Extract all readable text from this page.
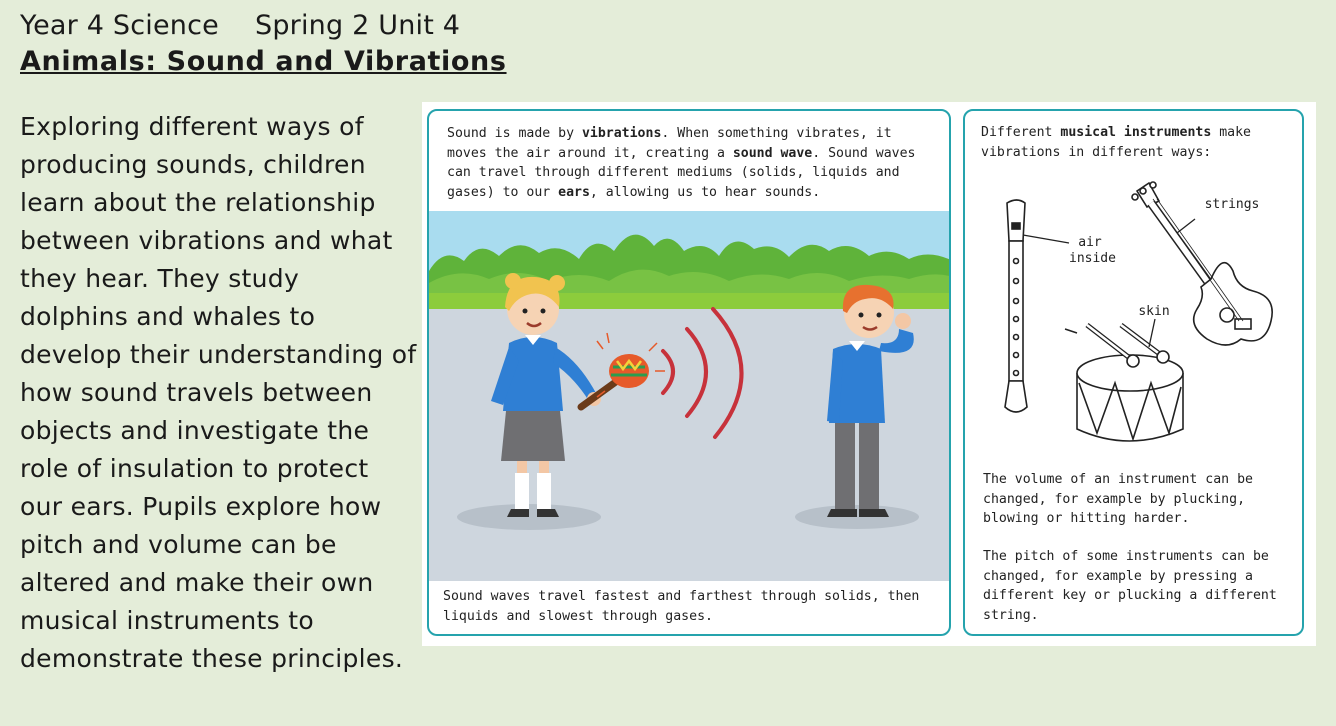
Year 4 Science Spring 2 Unit 4
Animals: Sound and Vibrations
Exploring different ways of
producing sounds, children
learn about the relationship
between vibrations and what
they hear. They study
dolphins and whales to
develop their understanding of
how sound travels between
objects and investigate the
role of insulation to protect
our ears. Pupils explore how
pitch and volume can be
altered and make their own
musical instruments to
demonstrate these principles.
Sound is made by vibrations. When something vibrates, it moves the air around it, creating a sound wave. Sound waves can travel through different mediums (solids, liquids and gases) to our ears, allowing us to hear sounds.
Sound waves travel fastest and farthest through solids, then liquids and slowest through gases.
Different musical instruments make vibrations in different ways:
air
inside
strings
skin
The volume of an instrument can be changed, for example by plucking, blowing or hitting harder.
The pitch of some instruments can be changed, for example by pressing a different key or plucking a different string.
